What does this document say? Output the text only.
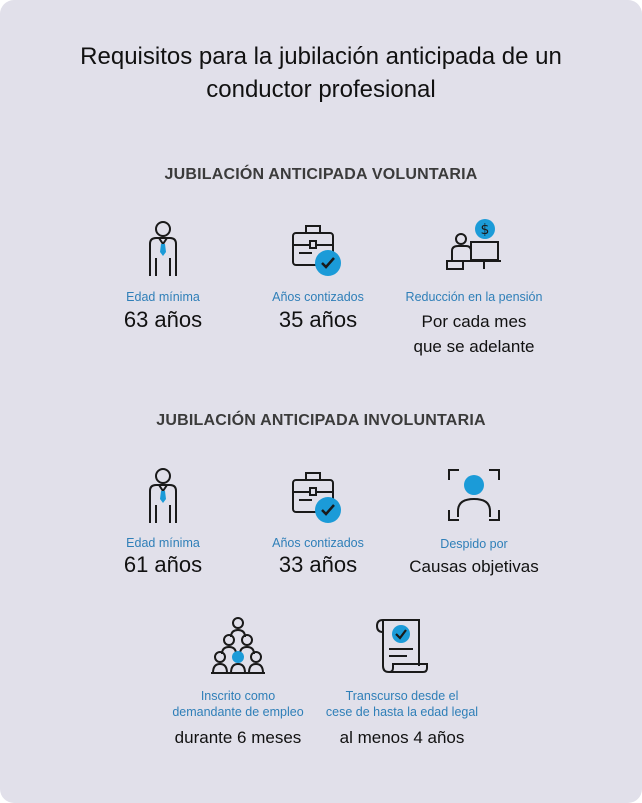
Requisitos para la jubilación anticipada de un
conductor profesional
JUBILACIÓN ANTICIPADA VOLUNTARIA
Edad mínima
63 años
Años contizados
35 años
$
Reducción en la pensión
Por cada mes
que se adelante
JUBILACIÓN ANTICIPADA INVOLUNTARIA
Edad mínima
61 años
Años contizados
33 años
Despido por
Causas objetivas
Inscrito como
demandante de empleo
durante 6 meses
Transcurso desde el
cese de hasta la edad legal
al menos 4 años
